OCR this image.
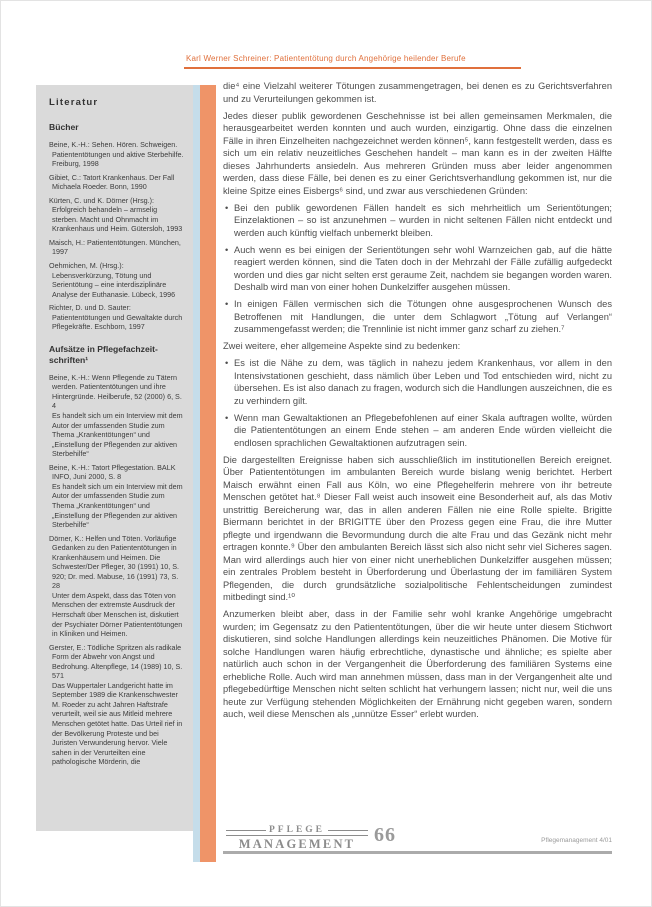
Karl Werner Schreiner: Patiententötung durch Angehörige heilender Berufe
Literatur
Bücher
Beine, K.-H.: Sehen. Hören. Schweigen. Patiententötungen und aktive Sterbehilfe. Freiburg, 1998
Gibiet, C.: Tatort Krankenhaus. Der Fall Michaela Roeder. Bonn, 1990
Kürten, C. und K. Dörner (Hrsg.): Erfolgreich behandeln – armselig sterben. Macht und Ohnmacht im Krankenhaus und Heim. Gütersloh, 1993
Maisch, H.: Patiententötungen. München, 1997
Oehmichen, M. (Hrsg.): Lebensverkürzung, Tötung und Serientötung – eine interdisziplinäre Analyse der Euthanasie. Lübeck, 1996
Richter, D. und D. Sauter: Patiententötungen und Gewaltakte durch Pflegekräfte. Eschborn, 1997
Aufsätze in Pflegefachzeitschriften¹
Beine, K.-H.: Wenn Pflegende zu Tätern werden. Patiententötungen und ihre Hintergründe. Heilberufe, 52 (2000) 6, S. 4
Es handelt sich um ein Interview mit dem Autor der umfassenden Studie zum Thema „Krankentötungen“ und „Einstellung der Pflegenden zur aktiven Sterbehilfe“
Beine, K.-H.: Tatort Pflegestation. BALK INFO, Juni 2000, S. 8
Es handelt sich um ein Interview mit dem Autor der umfassenden Studie zum Thema „Krankentötungen“ und „Einstellung der Pflegenden zur aktiven Sterbehilfe“
Dörner, K.: Helfen und Töten. Vorläufige Gedanken zu den Patiententötungen in Krankenhäusern und Heimen. Die Schwester/Der Pfleger, 30 (1991) 10, S. 920; Dr. med. Mabuse, 16 (1991) 73, S. 28
Unter dem Aspekt, dass das Töten von Menschen der extremste Ausdruck der Herrschaft über Menschen ist, diskutiert der Psychiater Dörner Patiententötungen in Kliniken und Heimen.
Gerster, E.: Tödliche Spritzen als radikale Form der Abwehr von Angst und Bedrohung. Altenpflege, 14 (1989) 10, S. 571
Das Wuppertaler Landgericht hatte im September 1989 die Krankenschwester M. Roeder zu acht Jahren Haftstrafe verurteilt, weil sie aus Mitleid mehrere Menschen getötet hatte. Das Urteil rief in der Bevölkerung Proteste und bei Juristen Verwunderung hervor. Viele sahen in der Verurteilten eine pathologische Mörderin, die
die⁴ eine Vielzahl weiterer Tötungen zusammengetragen, bei denen es zu Gerichtsverfahren und zu Verurteilungen gekommen ist.
Jedes dieser publik gewordenen Geschehnisse ist bei allen gemeinsamen Merkmalen, die herausgearbeitet werden konnten und auch wurden, einzigartig. Ohne dass die einzelnen Fälle in ihren Einzelheiten nachgezeichnet werden können⁵, kann festgestellt werden, dass es sich um ein relativ neuzeitliches Geschehen handelt – man kann es in der zweiten Hälfte dieses Jahrhunderts ansiedeln. Aus mehreren Gründen muss aber leider angenommen werden, dass diese Fälle, bei denen es zu einer Gerichtsverhandlung gekommen ist, nur die kleine Spitze eines Eisbergs⁶ sind, und zwar aus verschiedenen Gründen:
• Bei den publik gewordenen Fällen handelt es sich mehrheitlich um Serientötungen; Einzelaktionen – so ist anzunehmen – wurden in nicht seltenen Fällen nicht entdeckt und werden auch künftig vielfach unbemerkt bleiben.
• Auch wenn es bei einigen der Serientötungen sehr wohl Warnzeichen gab, auf die hätte reagiert werden können, sind die Taten doch in der Mehrzahl der Fälle zufällig aufgedeckt worden und dies gar nicht selten erst geraume Zeit, nachdem sie begangen worden waren. Deshalb wird man von einer hohen Dunkelziffer ausgehen müssen.
• In einigen Fällen vermischen sich die Tötungen ohne ausgesprochenen Wunsch des Betroffenen mit Handlungen, die unter dem Schlagwort „Tötung auf Verlangen“ zusammengefasst werden; die Trennlinie ist nicht immer ganz scharf zu ziehen.⁷
Zwei weitere, eher allgemeine Aspekte sind zu bedenken:
• Es ist die Nähe zu dem, was täglich in nahezu jedem Krankenhaus, vor allem in den Intensivstationen geschieht, dass nämlich über Leben und Tod entschieden wird, nicht zu übersehen. Es ist also danach zu fragen, wodurch sich die Handlungen auszeichnen, die es zu verhindern gilt.
• Wenn man Gewaltaktionen an Pflegebefohlenen auf einer Skala auftragen wollte, würden die Patiententötungen an einem Ende stehen – am anderen Ende würden vielleicht die endlosen sprachlichen Gewaltaktionen aufzutragen sein.
Die dargestellten Ereignisse haben sich ausschließlich im institutionellen Bereich ereignet. Über Patiententötungen im ambulanten Bereich wurde bislang wenig berichtet. Herbert Maisch erwähnt einen Fall aus Köln, wo eine Pflegehelferin mehrere von ihr betreute Menschen getötet hat.⁸ Dieser Fall weist auch insoweit eine Besonderheit auf, als das Motiv unstrittig Bereicherung war, das in allen anderen Fällen nie eine Rolle spielte. Brigitte Biermann berichtet in der BRIGITTE über den Prozess gegen eine Frau, die ihre Mutter pflegte und irgendwann die Bevormundung durch die alte Frau und das Gezänk nicht mehr ertragen konnte.⁹ Über den ambulanten Bereich lässt sich also nicht sehr viel Sicheres sagen. Man wird allerdings auch hier von einer nicht unerheblichen Dunkelziffer ausgehen müssen; ein zentrales Problem besteht in Überforderung und Überlastung der im familiären System Pflegenden, die durch grundsätzliche sozialpolitische Fehlentscheidungen zumindest mitbedingt sind.¹⁰
Anzumerken bleibt aber, dass in der Familie sehr wohl kranke Angehörige umgebracht wurden; im Gegensatz zu den Patiententötungen, über die wir heute unter diesem Stichwort diskutieren, sind solche Handlungen allerdings kein neuzeitliches Phänomen. Die Motive für solche Handlungen waren häufig erbrechtliche, dynastische und ähnliche; es spielte aber natürlich auch schon in der Vergangenheit die Überforderung des familiären Systems eine erhebliche Rolle. Auch wird man annehmen müssen, dass man in der Vergangenheit alte und pflegebedürftige Menschen nicht selten schlicht hat verhungern lassen; nicht nur, weil die uns heute zur Verfügung stehenden Möglichkeiten der Ernährung nicht gegeben waren, sondern auch, weil diese Menschen als „unnütze Esser“ erlebt wurden.
PFLEGE
MANAGEMENT 66	Pflegemanagement 4/01
